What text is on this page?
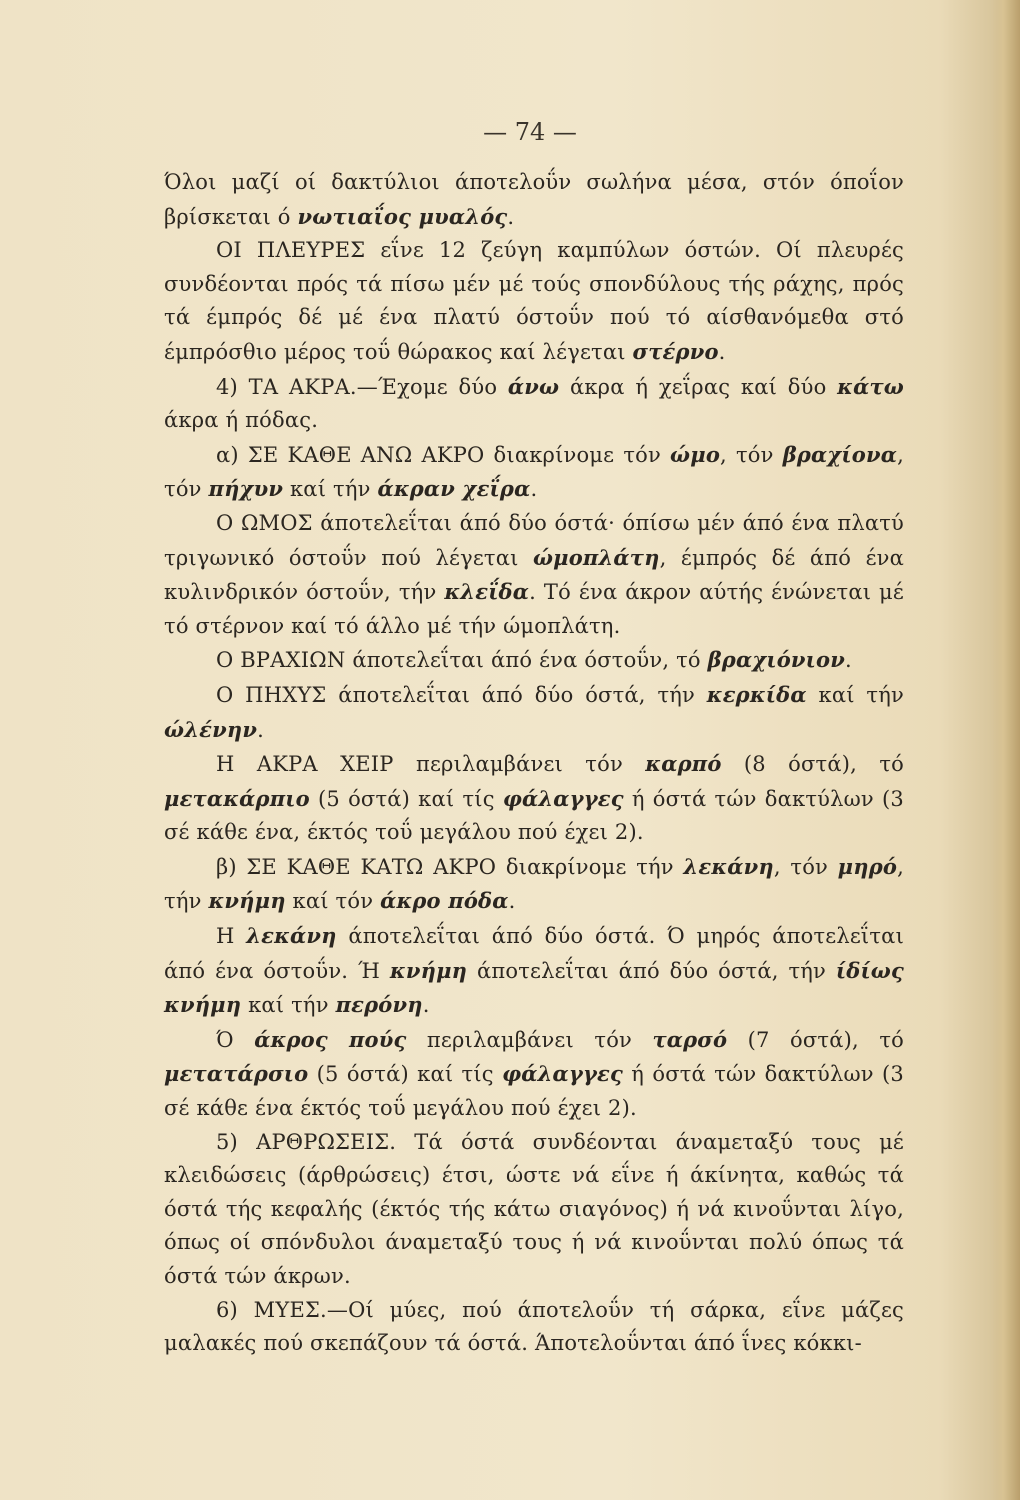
— 74 —

Όλοι μαζί οί δακτύλιοι άποτελοΰν σωλήνα μέσα, στόν όποΐον βρίσκεται ό νωτιαΐος μυαλός.

ΟΙ ΠΛΕΥΡΕΣ εΐνε 12 ζεύγη καμπύλων όστών. Οί πλευρές συνδέονται πρός τά πίσω μέν μέ τούς σπονδύλους τής ράχης, πρός τά έμπρός δέ μέ ένα πλατύ όστοΰν πού τό αίσθανόμεθα στό έμπρόσθιο μέρος τοΰ θώρακος καί λέγεται στέρνο.

4) ΤΑ ΑΚΡΑ.—Έχομε δύο άνω άκρα ή χεΐρας καί δύο κάτω άκρα ή πόδας.

α) ΣΕ ΚΑΘΕ ΑΝΩ ΑΚΡΟ διακρίνομε τόν ώμο, τόν βραχίονα, τόν πήχυν καί τήν άκραν χεΐρα.

Ο ΩΜΟΣ άποτελεΐται άπό δύο όστά· όπίσω μέν άπό ένα πλατύ τριγωνικό όστοΰν πού λέγεται ώμοπλάτη, έμπρός δέ άπό ένα κυλινδρικόν όστοΰν, τήν κλεΐδα. Τό ένα άκρον αύτής ένώνεται μέ τό στέρνον καί τό άλλο μέ τήν ώμοπλάτη.

Ο ΒΡΑΧΙΩΝ άποτελεΐται άπό ένα όστοΰν, τό βραχιόνιον.

Ο ΠΗΧΥΣ άποτελεΐται άπό δύο όστά, τήν κερκίδα καί τήν ώλένην.

Η ΑΚΡΑ ΧΕΙΡ περιλαμβάνει τόν καρπό (8 όστά), τό μετακάρπιο (5 όστά) καί τίς φάλαγγες ή όστά τών δακτύλων (3 σέ κάθε ένα, έκτός τοΰ μεγάλου πού έχει 2).

β) ΣΕ ΚΑΘΕ ΚΑΤΩ ΑΚΡΟ διακρίνομε τήν λεκάνη, τόν μηρό, τήν κνήμη καί τόν άκρο πόδα.

Η λεκάνη άποτελεΐται άπό δύο όστά. Ό μηρός άποτελεΐται άπό ένα όστοΰν. Ή κνήμη άποτελεΐται άπό δύο όστά, τήν ίδίως κνήμη καί τήν περόνη.

Ό άκρος πούς περιλαμβάνει τόν ταρσό (7 όστά), τό μετατάρσιο (5 όστά) καί τίς φάλαγγες ή όστά τών δακτύλων (3 σέ κάθε ένα έκτός τοΰ μεγάλου πού έχει 2).

5) ΑΡΘΡΩΣΕΙΣ. Τά όστά συνδέονται άναμεταξύ τους μέ κλειδώσεις (άρθρώσεις) έτσι, ώστε νά εΐνε ή άκίνητα, καθώς τά όστά τής κεφαλής (έκτός τής κάτω σιαγόνος) ή νά κινοΰνται λίγο, όπως οί σπόνδυλοι άναμεταξύ τους ή νά κινοΰνται πολύ όπως τά όστά τών άκρων.

6) ΜΥΕΣ.—Οί μύες, πού άποτελοΰν τή σάρκα, εΐνε μάζες μαλακές πού σκεπάζουν τά όστά. Άποτελοΰνται άπό ΐνες κόκκι-
